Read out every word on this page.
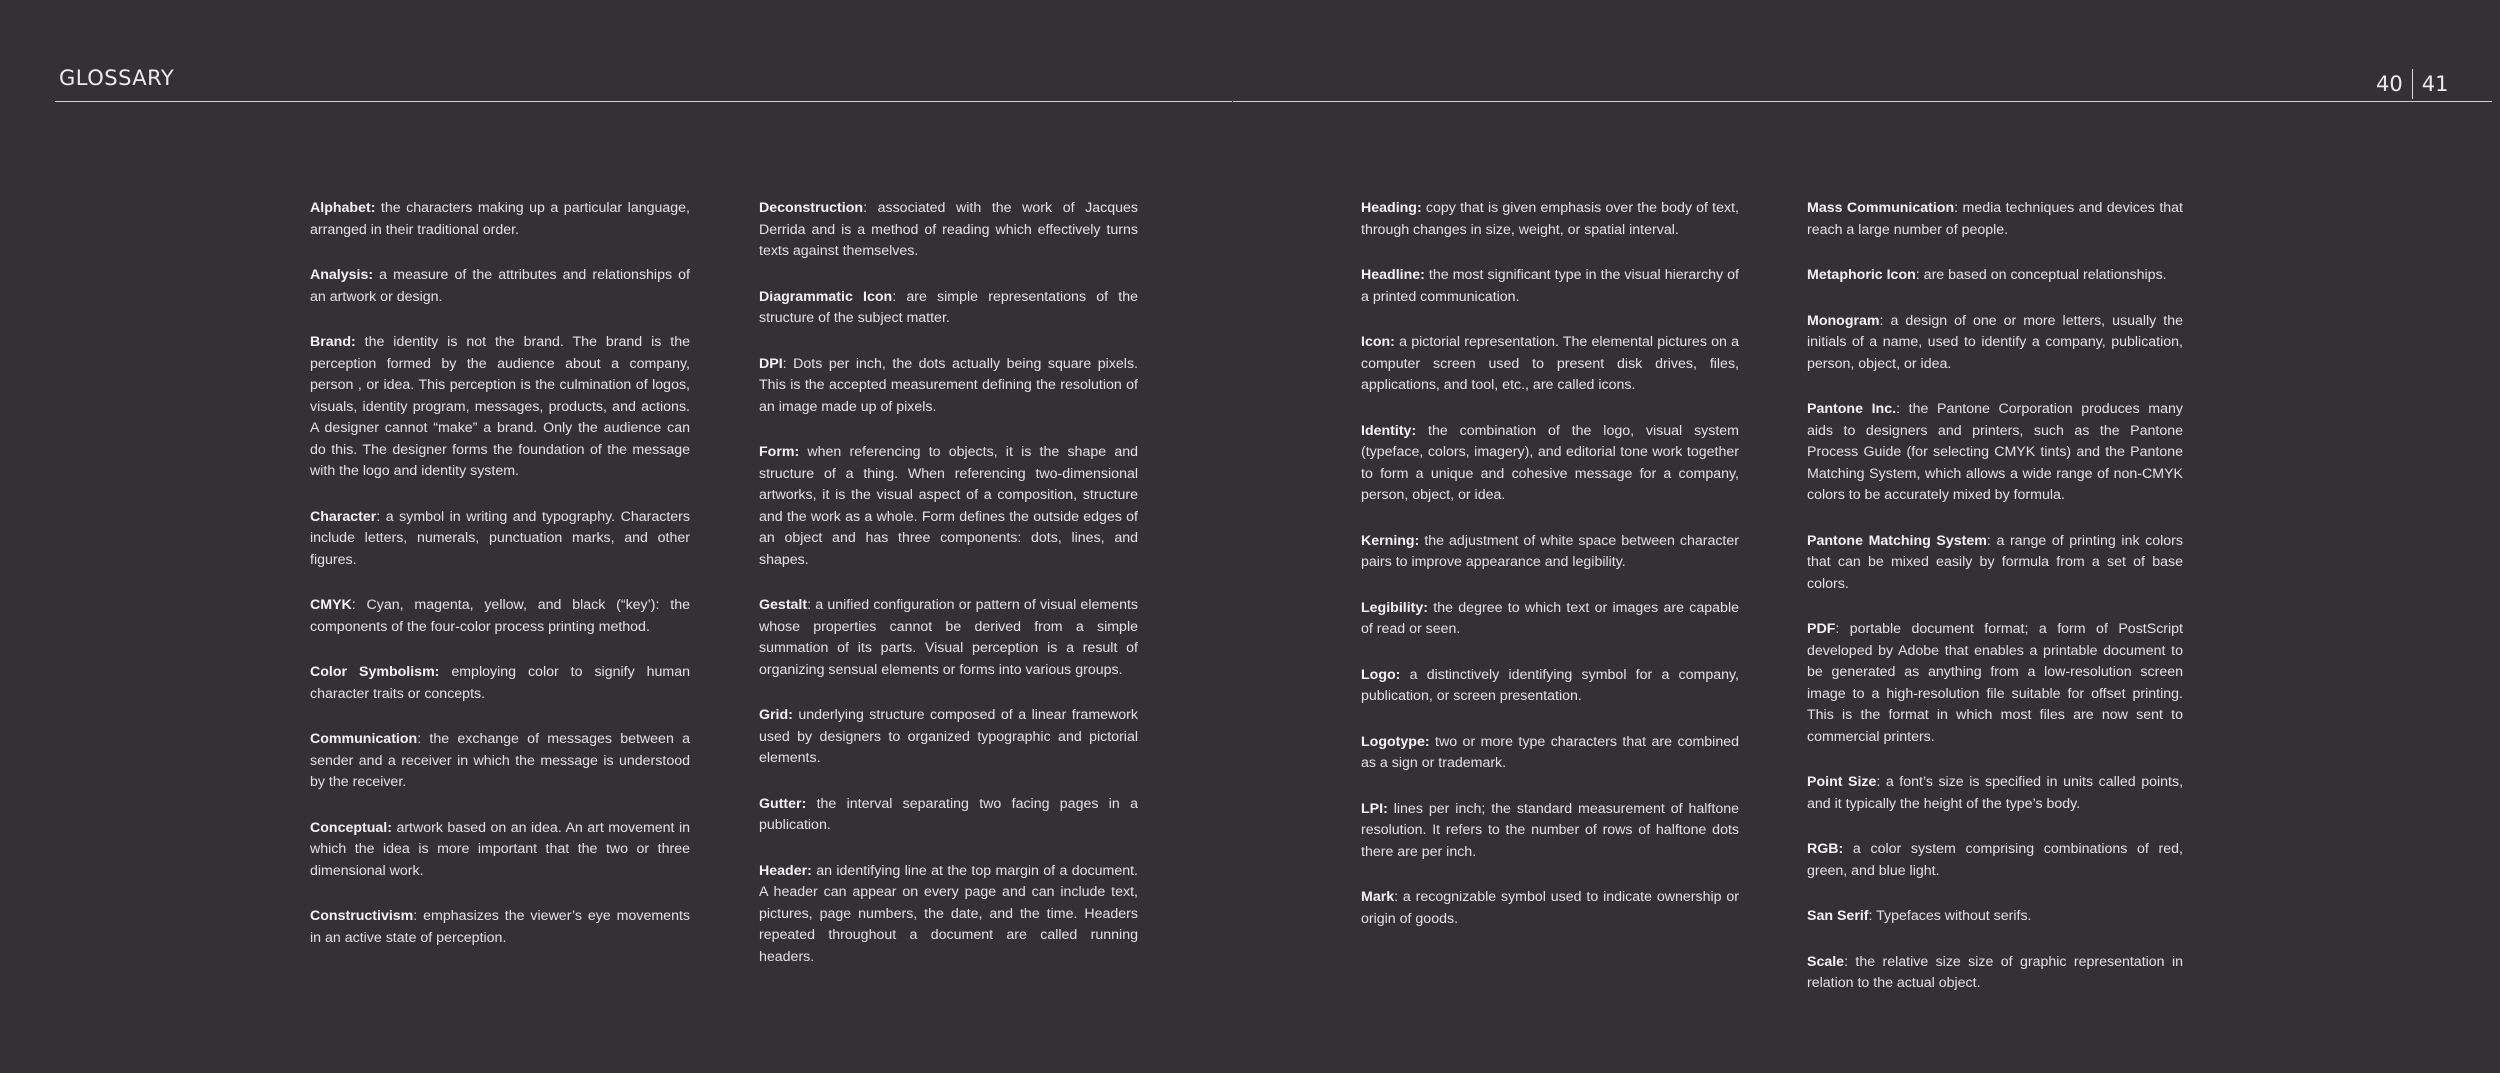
GLOSSARY	40 41

Alphabet: the characters making up a particular language, arranged in their traditional order.

Analysis: a measure of the attributes and relationships of an artwork or design.

Brand: the identity is not the brand. The brand is the perception formed by the audience about a company, person , or idea. This perception is the culmination of logos, visuals, identity program, messages, products, and actions. A designer cannot “make” a brand. Only the audience can do this. The designer forms the foundation of the message with the logo and identity system.

Character: a symbol in writing and typography. Characters include letters, numerals, punctuation marks, and other figures.

CMYK: Cyan, magenta, yellow, and black (“key’): the components of the four-color process printing method.

Color Symbolism: employing color to signify human character traits or concepts.

Communication: the exchange of messages between a sender and a receiver in which the message is understood by the receiver.

Conceptual: artwork based on an idea. An art movement in which the idea is more important that the two or three dimensional work.

Constructivism: emphasizes the viewer’s eye movements in an active state of perception.

Deconstruction: associated with the work of Jacques Derrida and is a method of reading which effectively turns texts against themselves.

Diagrammatic Icon: are simple representations of the structure of the subject matter.

DPI: Dots per inch, the dots actually being square pixels. This is the accepted measurement defining the resolution of an image made up of pixels.

Form: when referencing to objects, it is the shape and structure of a thing. When referencing two-dimensional artworks, it is the visual aspect of a composition, structure and the work as a whole. Form defines the outside edges of an object and has three components: dots, lines, and shapes.

Gestalt: a unified configuration or pattern of visual elements whose properties cannot be derived from a simple summation of its parts. Visual perception is a result of organizing sensual elements or forms into various groups.

Grid: underlying structure composed of a linear framework used by designers to organized typographic and pictorial elements.

Gutter: the interval separating two facing pages in a publication.

Header: an identifying line at the top margin of a document. A header can appear on every page and can include text, pictures, page numbers, the date, and the time. Headers repeated throughout a document are called running headers.

Heading: copy that is given emphasis over the body of text, through changes in size, weight, or spatial interval.

Headline: the most significant type in the visual hierarchy of a printed communication.

Icon: a pictorial representation. The elemental pictures on a computer screen used to present disk drives, files, applications, and tool, etc., are called icons.

Identity: the combination of the logo, visual system (typeface, colors, imagery), and editorial tone work together to form a unique and cohesive message for a company, person, object, or idea.

Kerning: the adjustment of white space between character pairs to improve appearance and legibility.

Legibility: the degree to which text or images are capable of read or seen.

Logo: a distinctively identifying symbol for a company, publication, or screen presentation.

Logotype: two or more type characters that are combined as a sign or trademark.

LPI: lines per inch; the standard measurement of halftone resolution. It refers to the number of rows of halftone dots there are per inch.

Mark: a recognizable symbol used to indicate ownership or origin of goods.

Mass Communication: media techniques and devices that reach a large number of people.

Metaphoric Icon: are based on conceptual relationships.

Monogram: a design of one or more letters, usually the initials of a name, used to identify a company, publication, person, object, or idea.

Pantone Inc.: the Pantone Corporation produces many aids to designers and printers, such as the Pantone Process Guide (for selecting CMYK tints) and the Pantone Matching System, which allows a wide range of non-CMYK colors to be accurately mixed by formula.

Pantone Matching System: a range of printing ink colors that can be mixed easily by formula from a set of base colors.

PDF: portable document format; a form of PostScript developed by Adobe that enables a printable document to be generated as anything from a low-resolution screen image to a high-resolution file suitable for offset printing. This is the format in which most files are now sent to commercial printers.

Point Size: a font’s size is specified in units called points, and it typically the height of the type’s body.

RGB: a color system comprising combinations of red, green, and blue light.

San Serif: Typefaces without serifs.

Scale: the relative size size of graphic representation in relation to the actual object.
